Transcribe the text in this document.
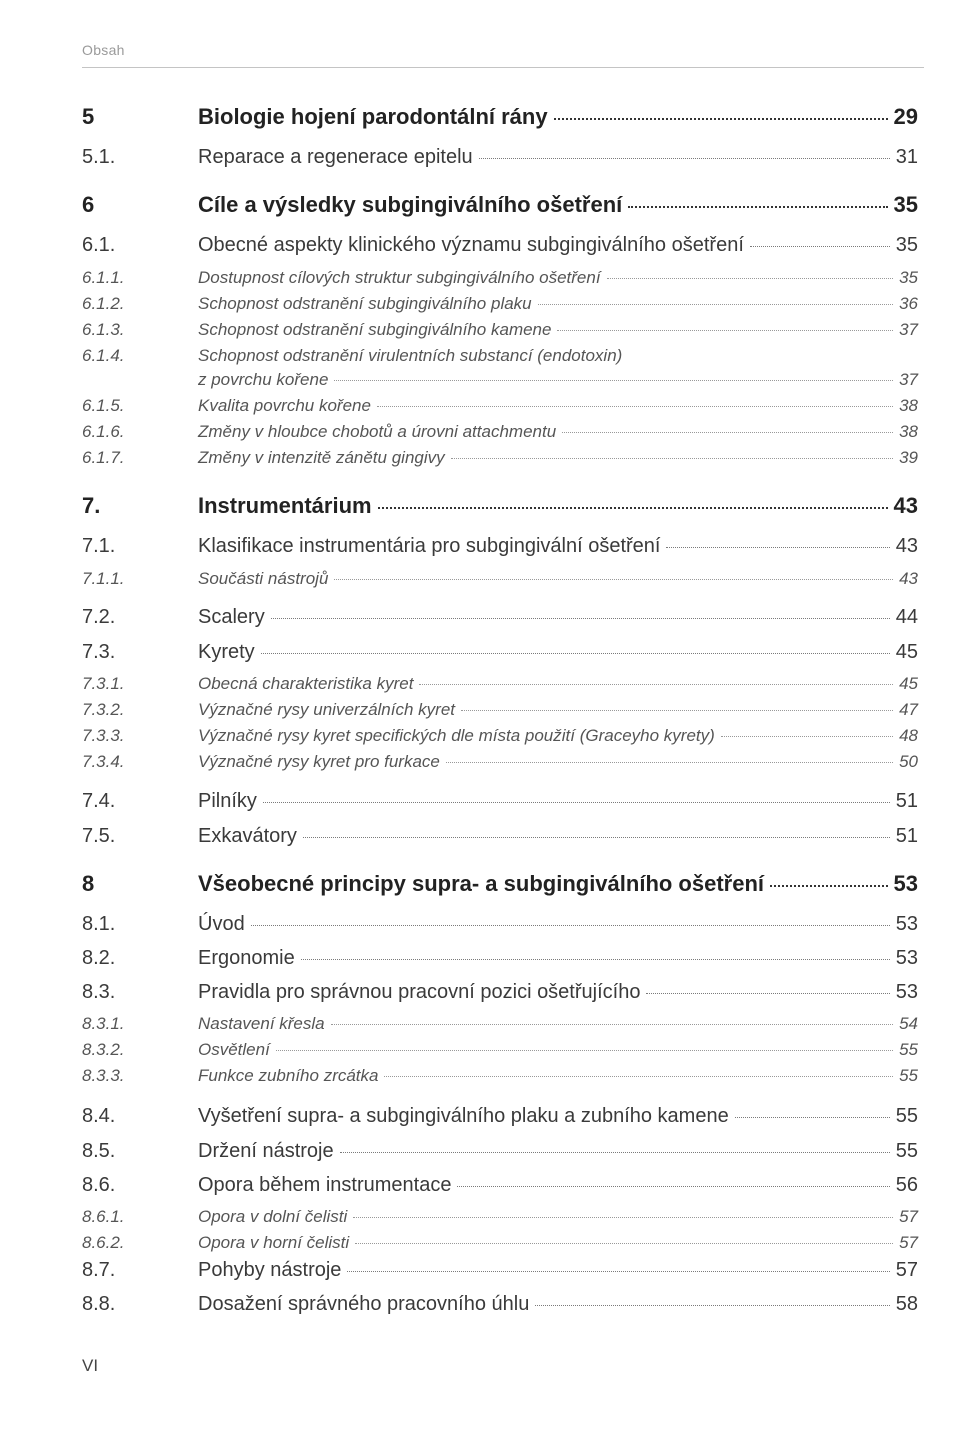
Obsah
5	Biologie hojení parodontální rány	29
5.1.	Reparace a regenerace epitelu	31
6	Cíle a výsledky subgingiválního ošetření	35
6.1.	Obecné aspekty klinického významu subgingiválního ošetření	35
6.1.1.	Dostupnost cílových struktur subgingiválního ošetření	35
6.1.2.	Schopnost odstranění subgingiválního plaku	36
6.1.3.	Schopnost odstranění subgingiválního kamene	37
6.1.4.	Schopnost odstranění virulentních substancí (endotoxin)
z povrchu kořene	37
6.1.5.	Kvalita povrchu kořene	38
6.1.6.	Změny v hloubce chobotů a úrovni attachmentu	38
6.1.7.	Změny v intenzitě zánětu gingivy	39
7.	Instrumentárium	43
7.1.	Klasifikace instrumentária pro subgingivální ošetření	43
7.1.1.	Součásti nástrojů	43
7.2.	Scalery	44
7.3.	Kyrety	45
7.3.1.	Obecná charakteristika kyret	45
7.3.2.	Význačné rysy univerzálních kyret	47
7.3.3.	Význačné rysy kyret specifických dle místa použití (Graceyho kyrety)	48
7.3.4.	Význačné rysy kyret pro furkace	50
7.4.	Pilníky	51
7.5.	Exkavátory	51
8	Všeobecné principy supra- a subgingiválního ošetření	53
8.1.	Úvod	53
8.2.	Ergonomie	53
8.3.	Pravidla pro správnou pracovní pozici ošetřujícího	53
8.3.1.	Nastavení křesla	54
8.3.2.	Osvětlení	55
8.3.3.	Funkce zubního zrcátka	55
8.4.	Vyšetření supra- a subgingiválního plaku a zubního kamene	55
8.5.	Držení nástroje	55
8.6.	Opora během instrumentace	56
8.6.1.	Opora v dolní čelisti	57
8.6.2.	Opora v horní čelisti	57
8.7.	Pohyby nástroje	57
8.8.	Dosažení správného pracovního úhlu	58
VI
